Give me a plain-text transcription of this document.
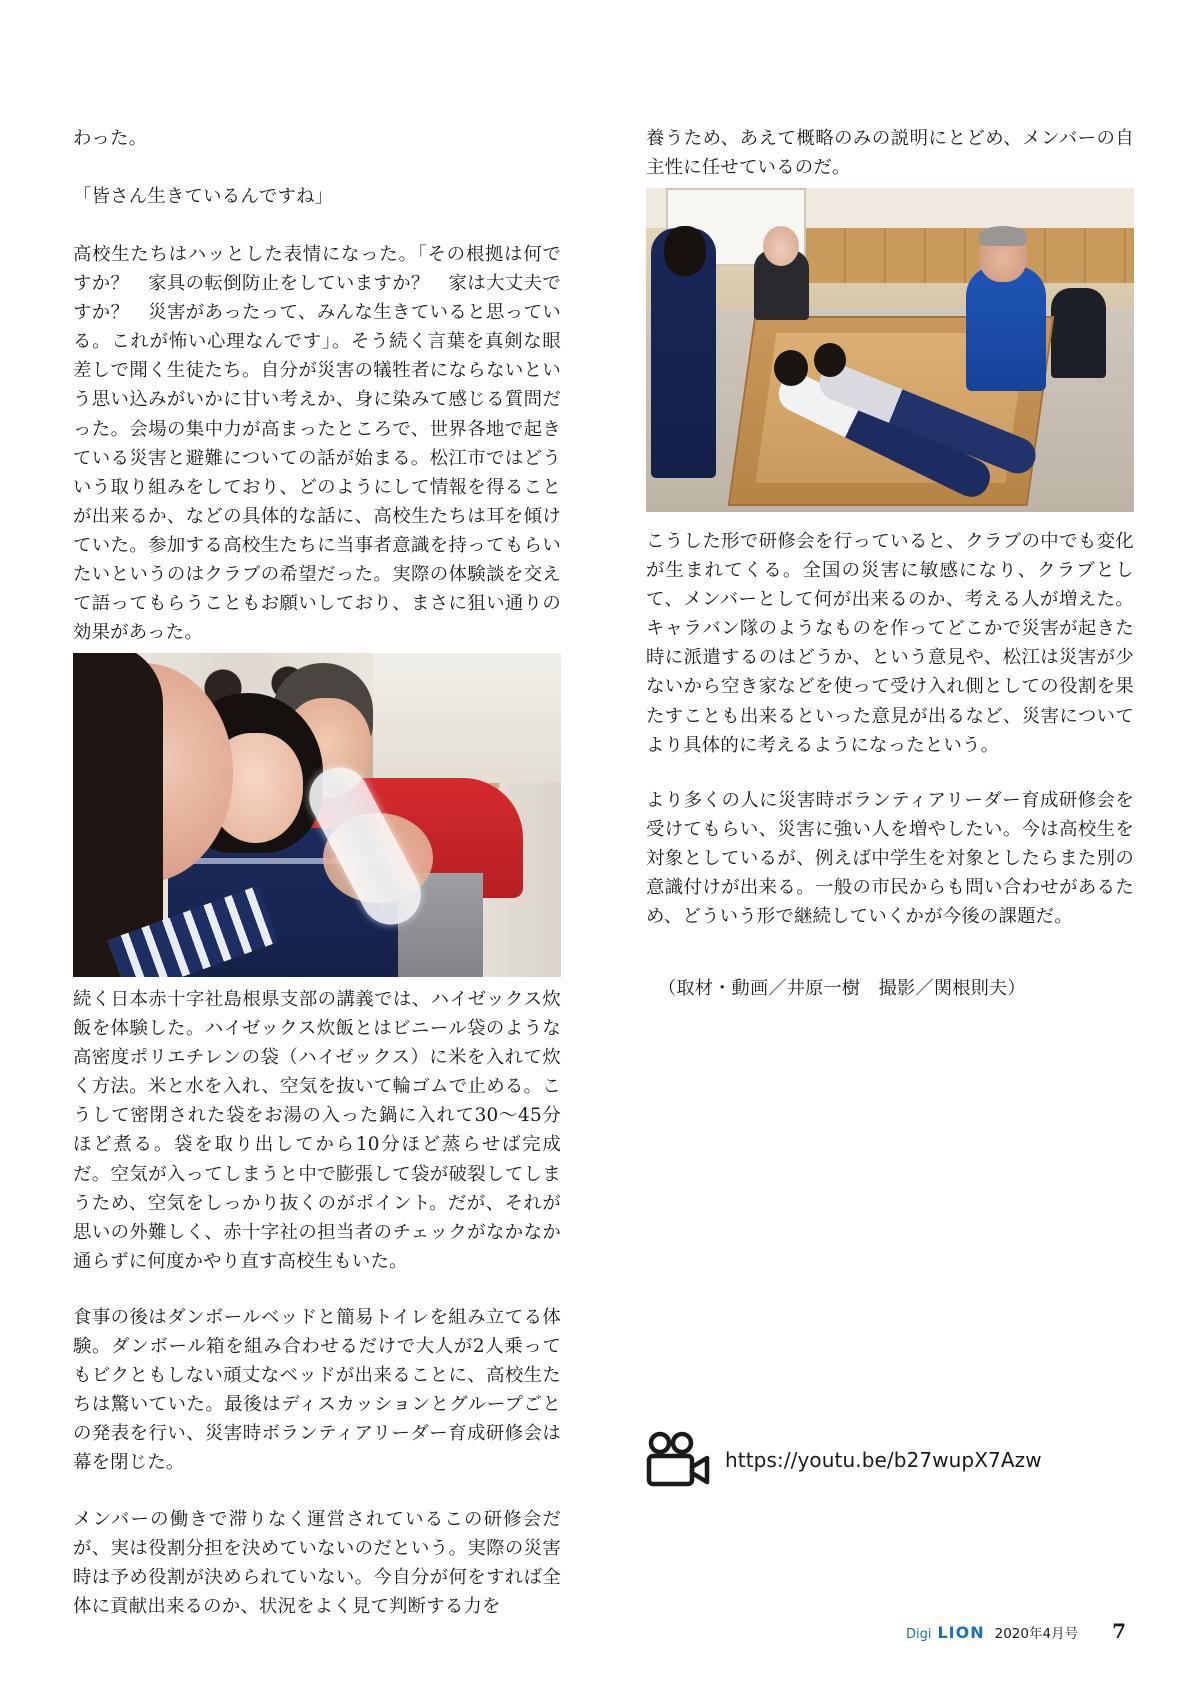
わった。
「皆さん生きているんですね」
高校生たちはハッとした表情になった。「その根拠は何ですか？　家具の転倒防止をしていますか？　家は大丈夫ですか？　災害があったって、みんな生きていると思っている。これが怖い心理なんです」。そう続く言葉を真剣な眼差しで聞く生徒たち。自分が災害の犠牲者にならないという思い込みがいかに甘い考えか、身に染みて感じる質問だった。会場の集中力が高まったところで、世界各地で起きている災害と避難についての話が始まる。松江市ではどういう取り組みをしており、どのようにして情報を得ることが出来るか、などの具体的な話に、高校生たちは耳を傾けていた。参加する高校生たちに当事者意識を持ってもらいたいというのはクラブの希望だった。実際の体験談を交えて語ってもらうこともお願いしており、まさに狙い通りの効果があった。
続く日本赤十字社島根県支部の講義では、ハイゼックス炊飯を体験した。ハイゼックス炊飯とはビニール袋のような高密度ポリエチレンの袋（ハイゼックス）に米を入れて炊く方法。米と水を入れ、空気を抜いて輪ゴムで止める。こうして密閉された袋をお湯の入った鍋に入れて30〜45分ほど煮る。袋を取り出してから10分ほど蒸らせば完成だ。空気が入ってしまうと中で膨張して袋が破裂してしまうため、空気をしっかり抜くのがポイント。だが、それが思いの外難しく、赤十字社の担当者のチェックがなかなか通らずに何度かやり直す高校生もいた。
食事の後はダンボールベッドと簡易トイレを組み立てる体験。ダンボール箱を組み合わせるだけで大人が2人乗ってもビクともしない頑丈なベッドが出来ることに、高校生たちは驚いていた。最後はディスカッションとグループごとの発表を行い、災害時ボランティアリーダー育成研修会は幕を閉じた。
メンバーの働きで滞りなく運営されているこの研修会だが、実は役割分担を決めていないのだという。実際の災害時は予め役割が決められていない。今自分が何をすれば全体に貢献出来るのか、状況をよく見て判断する力を
養うため、あえて概略のみの説明にとどめ、メンバーの自主性に任せているのだ。
こうした形で研修会を行っていると、クラブの中でも変化が生まれてくる。全国の災害に敏感になり、クラブとして、メンバーとして何が出来るのか、考える人が増えた。キャラバン隊のようなものを作ってどこかで災害が起きた時に派遣するのはどうか、という意見や、松江は災害が少ないから空き家などを使って受け入れ側としての役割を果たすことも出来るといった意見が出るなど、災害についてより具体的に考えるようになったという。
より多くの人に災害時ボランティアリーダー育成研修会を受けてもらい、災害に強い人を増やしたい。今は高校生を対象としているが、例えば中学生を対象としたらまた別の意識付けが出来る。一般の市民からも問い合わせがあるため、どういう形で継続していくかが今後の課題だ。
（取材・動画／井原一樹　撮影／関根則夫）
https://youtu.be/b27wupX7Azw
Digi LION 2020年4月号 7
